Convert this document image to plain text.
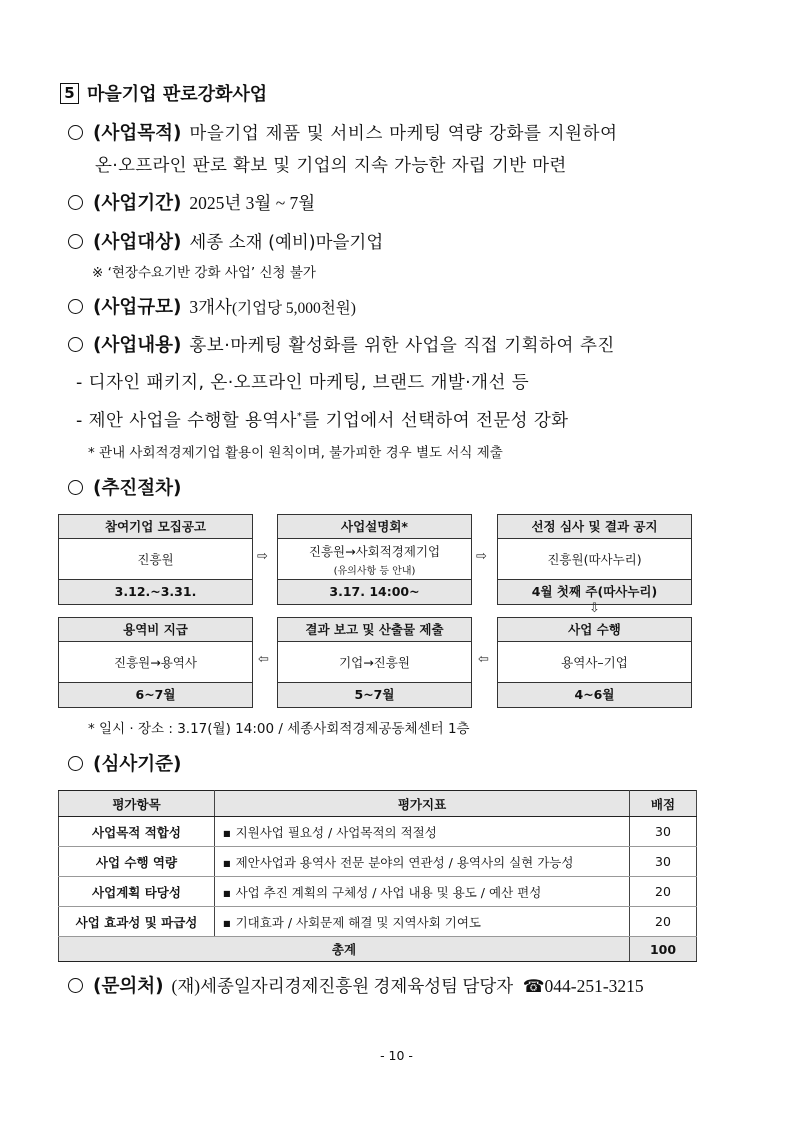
5 마을기업 판로강화사업
(사업목적) 마을기업 제품 및 서비스 마케팅 역량 강화를 지원하여
온·오프라인 판로 확보 및 기업의 지속 가능한 자립 기반 마련
(사업기간) 2025년 3월 ~ 7월
(사업대상) 세종 소재 (예비)마을기업
※ ‘현장수요기반 강화 사업’ 신청 불가
(사업규모) 3개사(기업당 5,000천원)
(사업내용) 홍보·마케팅 활성화를 위한 사업을 직접 기획하여 추진
- 디자인 패키지, 온·오프라인 마케팅, 브랜드 개발·개선 등
- 제안 사업을 수행할 용역사*를 기업에서 선택하여 전문성 강화
* 관내 사회적경제기업 활용이 원칙이며, 불가피한 경우 별도 서식 제출
(추진절차)
참여기업 모집공고
진흥원
3.12.~3.31.
⇨
사업설명회*
진흥원→사회적경제기업
(유의사항 등 안내)
3.17. 14:00~
⇨
선정 심사 및 결과 공지
진흥원(따사누리)
4월 첫째 주(따사누리)
⇩
용역비 지급
진흥원→용역사
6~7월
⇦
결과 보고 및 산출물 제출
기업→진흥원
5~7월
⇦
사업 수행
용역사–기업
4~6월
* 일시 · 장소 : 3.17(월) 14:00 / 세종사회적경제공동체센터 1층
(심사기준)
평가항목	평가지표	배점
사업목적 적합성	■ 지원사업 필요성 / 사업목적의 적절성	30
사업 수행 역량	■ 제안사업과 용역사 전문 분야의 연관성 / 용역사의 실현 가능성	30
사업계획 타당성	■ 사업 추진 계획의 구체성 / 사업 내용 및 용도 / 예산 편성	20
사업 효과성 및 파급성	■ 기대효과 / 사회문제 해결 및 지역사회 기여도	20
총계		100
(문의처) (재)세종일자리경제진흥원 경제육성팀 담당자 ☎044-251-3215
- 10 -
